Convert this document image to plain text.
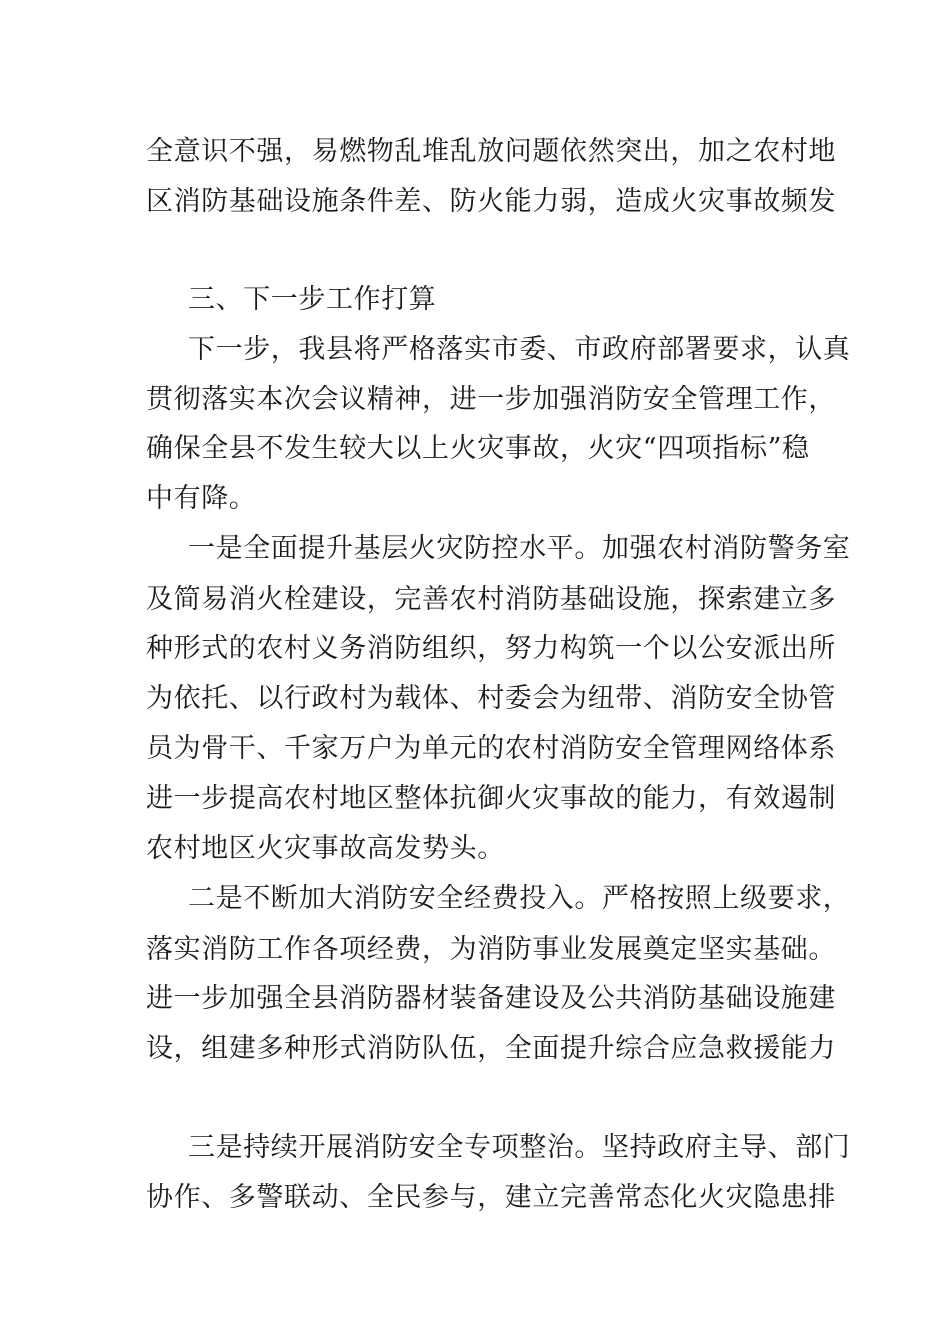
全意识不强，易燃物乱堆乱放问题依然突出，加之农村地
区消防基础设施条件差、防火能力弱，造成火灾事故频发
三、下一步工作打算
下一步，我县将严格落实市委、市政府部署要求，认真
贯彻落实本次会议精神，进一步加强消防安全管理工作，
确保全县不发生较大以上火灾事故，火灾“四项指标”稳
中有降。
一是全面提升基层火灾防控水平。加强农村消防警务室
及简易消火栓建设，完善农村消防基础设施，探索建立多
种形式的农村义务消防组织，努力构筑一个以公安派出所
为依托、以行政村为载体、村委会为纽带、消防安全协管
员为骨干、千家万户为单元的农村消防安全管理网络体系
进一步提高农村地区整体抗御火灾事故的能力，有效遏制
农村地区火灾事故高发势头。
二是不断加大消防安全经费投入。严格按照上级要求，
落实消防工作各项经费，为消防事业发展奠定坚实基础。
进一步加强全县消防器材装备建设及公共消防基础设施建
设，组建多种形式消防队伍，全面提升综合应急救援能力
三是持续开展消防安全专项整治。坚持政府主导、部门
协作、多警联动、全民参与，建立完善常态化火灾隐患排
